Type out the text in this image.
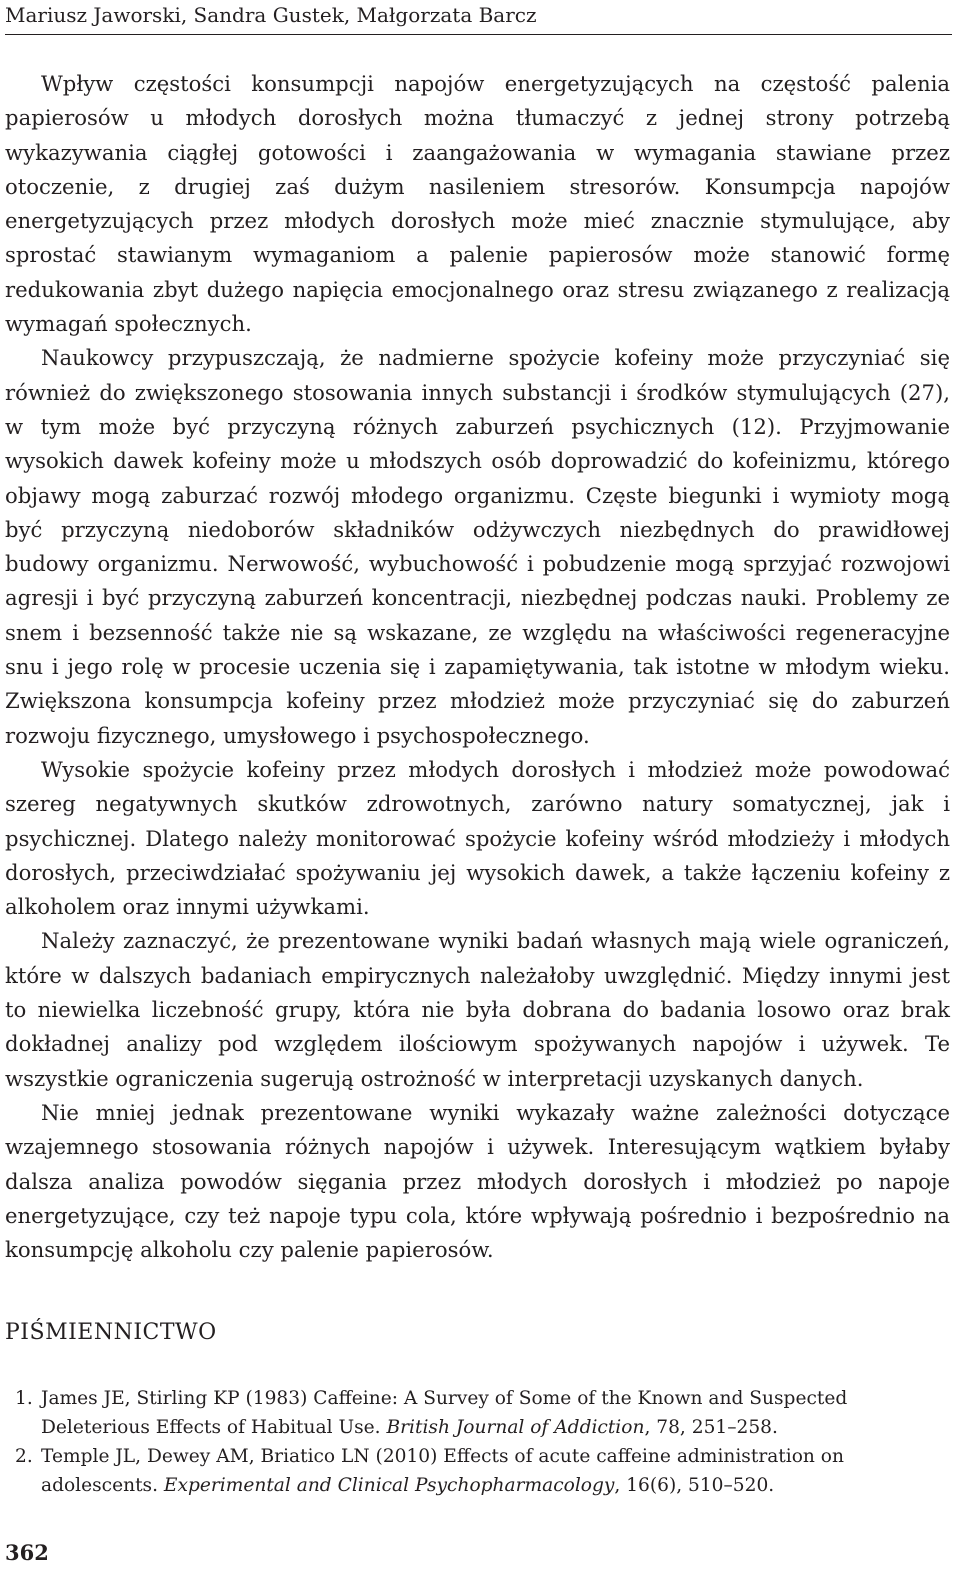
Mariusz Jaworski, Sandra Gustek, Małgorzata Barcz

Wpływ częstości konsumpcji napojów energetyzujących na częstość palenia papierosów u młodych dorosłych można tłumaczyć z jednej strony potrzebą wykazywania ciągłej gotowości i zaangażowania w wymagania stawiane przez otoczenie, z drugiej zaś dużym nasileniem stresorów. Konsumpcja napojów energetyzujących przez młodych dorosłych może mieć znacznie stymulujące, aby sprostać stawianym wymaganiom a palenie papierosów może stanowić formę redukowania zbyt dużego napięcia emocjonalnego oraz stresu związanego z realizacją wymagań społecznych.

Naukowcy przypuszczają, że nadmierne spożycie kofeiny może przyczyniać się również do zwiększonego stosowania innych substancji i środków stymulujących (27), w tym może być przyczyną różnych zaburzeń psychicznych (12). Przyjmowanie wysokich dawek kofeiny może u młodszych osób doprowadzić do kofeinizmu, którego objawy mogą zaburzać rozwój młodego organizmu. Częste biegunki i wymioty mogą być przyczyną niedoborów składników odżywczych niezbędnych do prawidłowej budowy organizmu. Nerwowość, wybuchowość i pobudzenie mogą sprzyjać rozwojowi agresji i być przyczyną zaburzeń koncentracji, niezbędnej podczas nauki. Problemy ze snem i bezsenność także nie są wskazane, ze względu na właściwości regeneracyjne snu i jego rolę w procesie uczenia się i zapamiętywania, tak istotne w młodym wieku. Zwiększona konsumpcja kofeiny przez młodzież może przyczyniać się do zaburzeń rozwoju fizycznego, umysłowego i psychospołecznego.

Wysokie spożycie kofeiny przez młodych dorosłych i młodzież może powodować szereg negatywnych skutków zdrowotnych, zarówno natury somatycznej, jak i psychicznej. Dlatego należy monitorować spożycie kofeiny wśród młodzieży i młodych dorosłych, przeciwdziałać spożywaniu jej wysokich dawek, a także łączeniu kofeiny z alkoholem oraz innymi używkami.

Należy zaznaczyć, że prezentowane wyniki badań własnych mają wiele ograniczeń, które w dalszych badaniach empirycznych należałoby uwzględnić. Między innymi jest to niewielka liczebność grupy, która nie była dobrana do badania losowo oraz brak dokładnej analizy pod względem ilościowym spożywanych napojów i używek. Te wszystkie ograniczenia sugerują ostrożność w interpretacji uzyskanych danych.

Nie mniej jednak prezentowane wyniki wykazały ważne zależności dotyczące wzajemnego stosowania różnych napojów i używek. Interesującym wątkiem byłaby dalsza analiza powodów sięgania przez młodych dorosłych i młodzież po napoje energetyzujące, czy też napoje typu cola, które wpływają pośrednio i bezpośrednio na konsumpcję alkoholu czy palenie papierosów.

PIŚMIENNICTWO
1. James JE, Stirling KP (1983) Caffeine: A Survey of Some of the Known and Suspected Deleterious Effects of Habitual Use. British Journal of Addiction, 78, 251–258.
2. Temple JL, Dewey AM, Briatico LN (2010) Effects of acute caffeine administration on adolescents. Experimental and Clinical Psychopharmacology, 16(6), 510–520.
362
